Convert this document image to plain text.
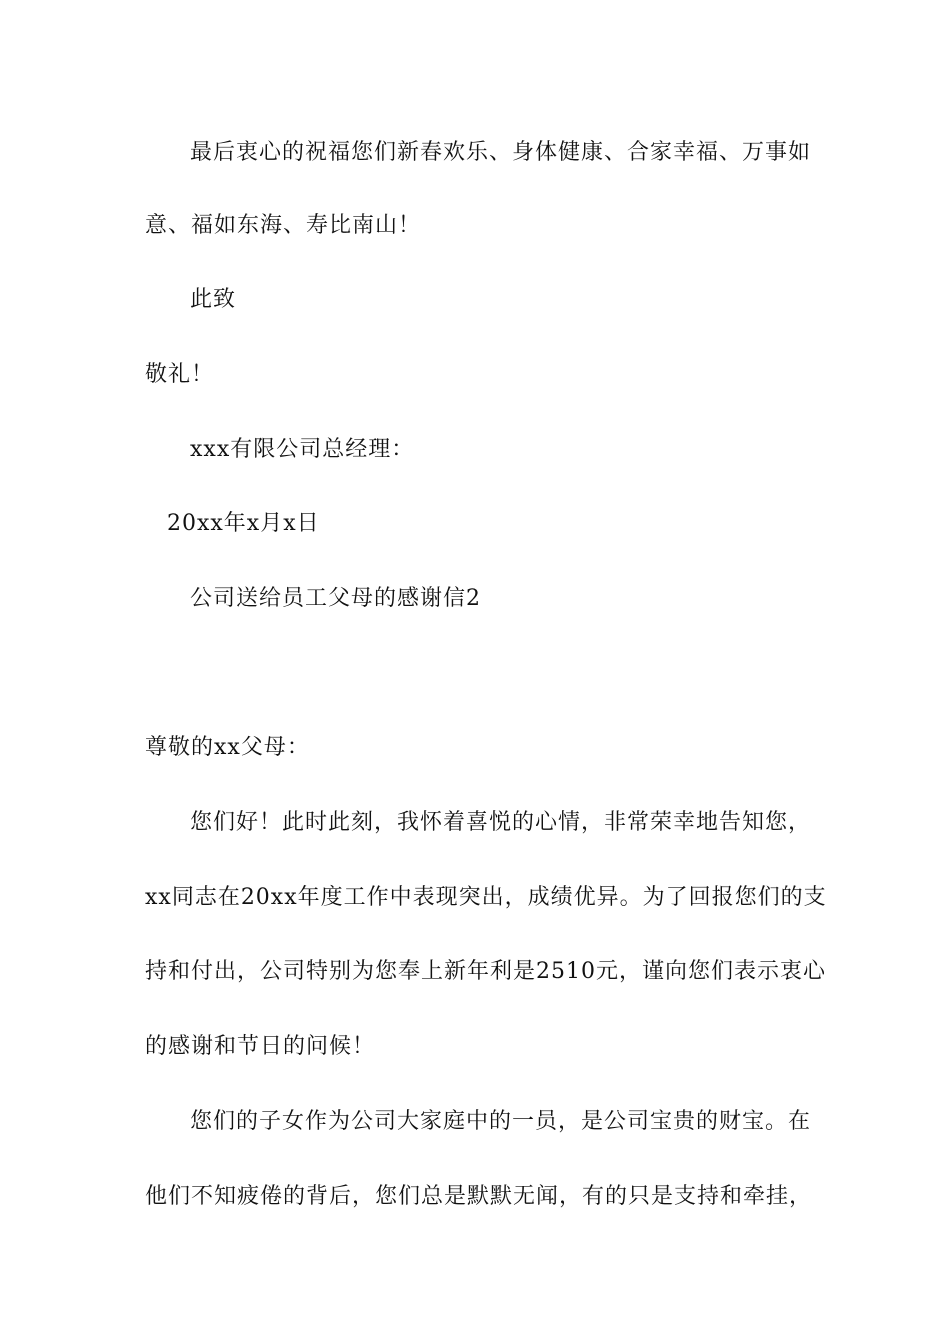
最后衷心的祝福您们新春欢乐、身体健康、合家幸福、万事如
意、福如东海、寿比南山！
此致
敬礼！
xxx有限公司总经理：
20xx年x月x日
公司送给员工父母的感谢信2
尊敬的xx父母：
您们好！此时此刻，我怀着喜悦的心情，非常荣幸地告知您，
xx同志在20xx年度工作中表现突出，成绩优异。为了回报您们的支
持和付出，公司特别为您奉上新年利是2510元，谨向您们表示衷心
的感谢和节日的问候！
您们的子女作为公司大家庭中的一员，是公司宝贵的财宝。在
他们不知疲倦的背后，您们总是默默无闻，有的只是支持和牵挂，
